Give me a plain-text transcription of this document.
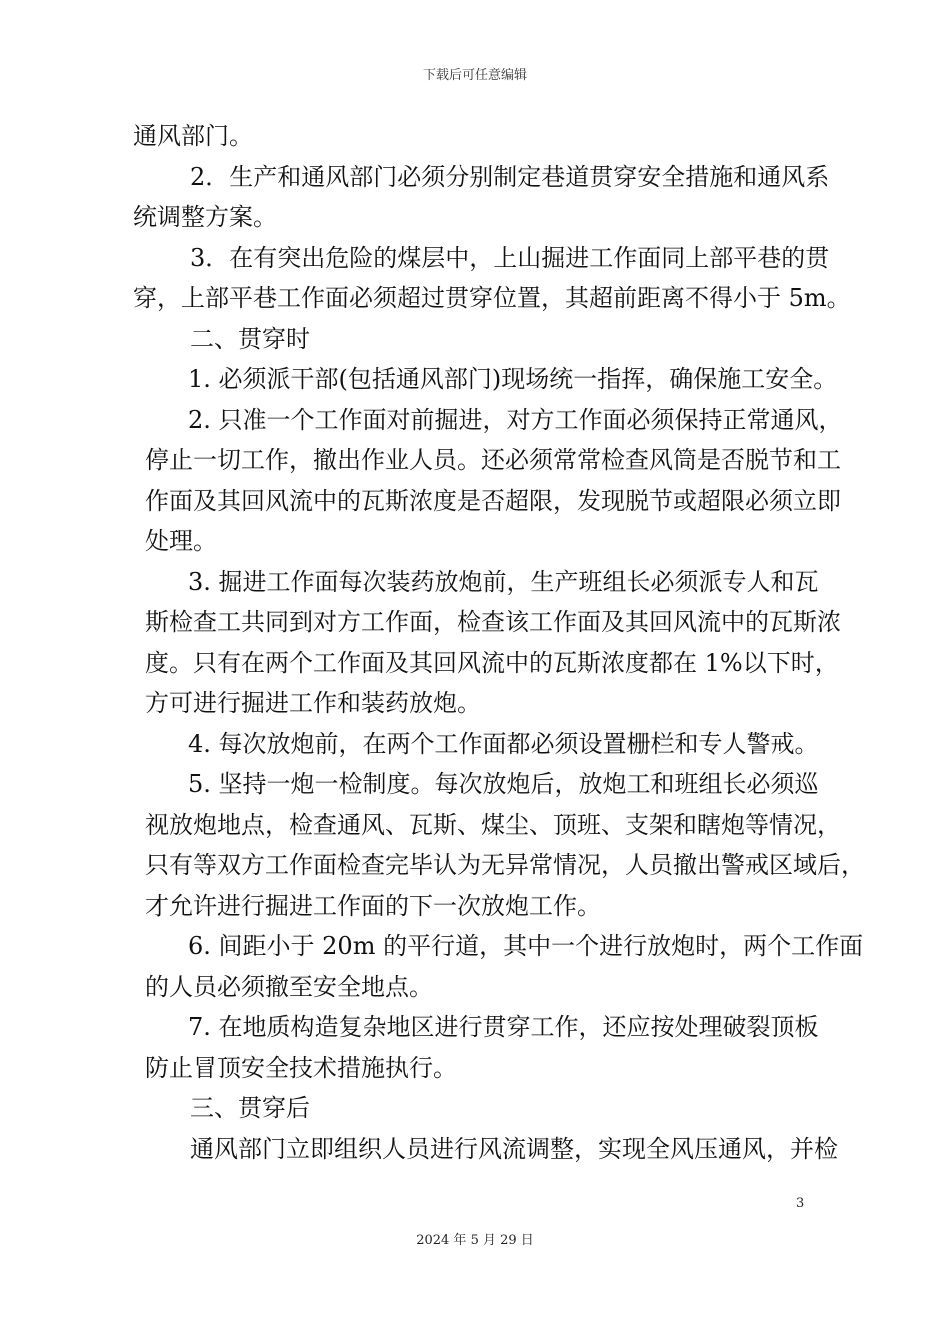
下载后可任意编辑
通风部门。
2．生产和通风部门必须分别制定巷道贯穿安全措施和通风系
统调整方案。
3．在有突出危险的煤层中，上山掘进工作面同上部平巷的贯
穿，上部平巷工作面必须超过贯穿位置，其超前距离不得小于 5m。
二、贯穿时
1. 必须派干部(包括通风部门)现场统一指挥，确保施工安全。
2. 只准一个工作面对前掘进，对方工作面必须保持正常通风，
停止一切工作，撤出作业人员。还必须常常检查风筒是否脱节和工
作面及其回风流中的瓦斯浓度是否超限，发现脱节或超限必须立即
处理。
3. 掘进工作面每次装药放炮前，生产班组长必须派专人和瓦
斯检查工共同到对方工作面，检查该工作面及其回风流中的瓦斯浓
度。只有在两个工作面及其回风流中的瓦斯浓度都在 1%以下时，
方可进行掘进工作和装药放炮。
4. 每次放炮前，在两个工作面都必须设置栅栏和专人警戒。
5. 坚持一炮一检制度。每次放炮后，放炮工和班组长必须巡
视放炮地点，检查通风、瓦斯、煤尘、顶班、支架和瞎炮等情况，
只有等双方工作面检查完毕认为无异常情况，人员撤出警戒区域后，
才允许进行掘进工作面的下一次放炮工作。
6. 间距小于 20m 的平行道，其中一个进行放炮时，两个工作面
的人员必须撤至安全地点。
7. 在地质构造复杂地区进行贯穿工作，还应按处理破裂顶板
防止冒顶安全技术措施执行。
三、贯穿后
通风部门立即组织人员进行风流调整，实现全风压通风，并检
3
2024 年 5 月 29 日
